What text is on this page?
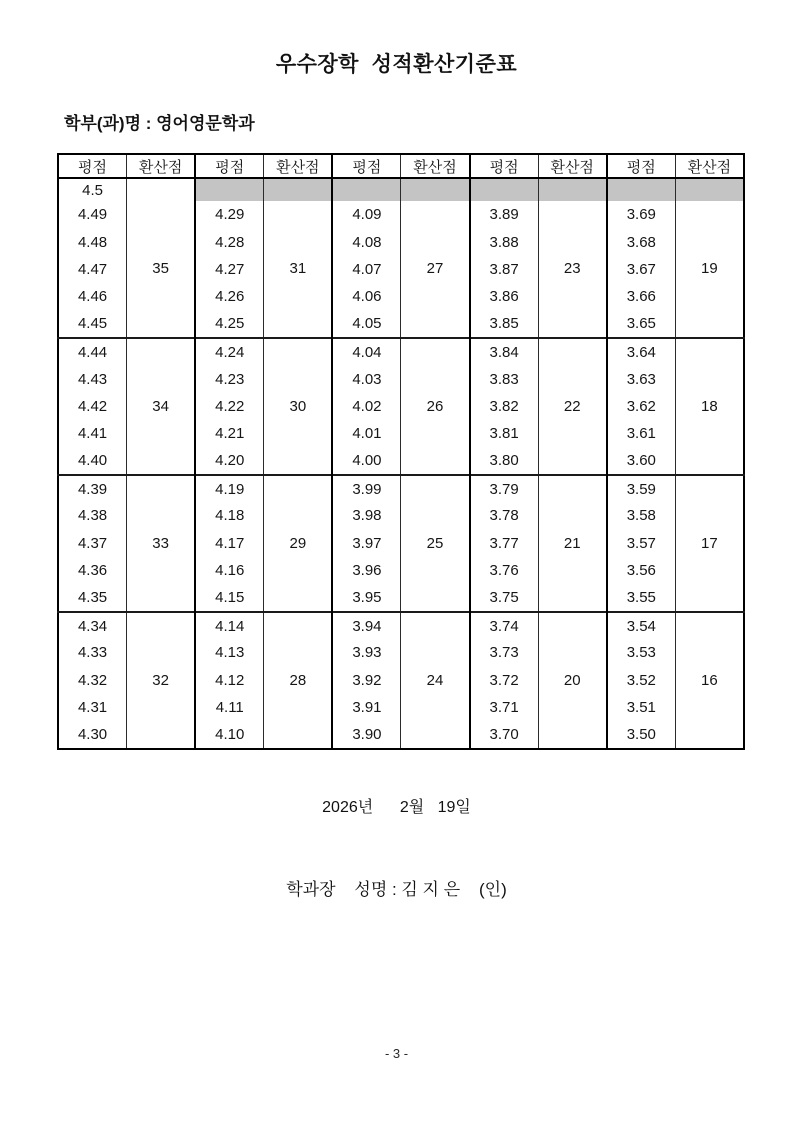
우수장학  성적환산기준표
학부(과)명 : 영어영문학과
평점	환산점	평점	환산점	평점	환산점	평점	환산점	평점	환산점
4.5									
4.49	35	4.29	31	4.09	27	3.89	23	3.69	19
4.48		4.28		4.08		3.88		3.68	
4.47		4.27		4.07		3.87		3.67	
4.46		4.26		4.06		3.86		3.66	
4.45		4.25		4.05		3.85		3.65	
4.44	34	4.24	30	4.04	26	3.84	22	3.64	18
4.43		4.23		4.03		3.83		3.63	
4.42		4.22		4.02		3.82		3.62	
4.41		4.21		4.01		3.81		3.61	
4.40		4.20		4.00		3.80		3.60	
4.39	33	4.19	29	3.99	25	3.79	21	3.59	17
4.38		4.18		3.98		3.78		3.58	
4.37		4.17		3.97		3.77		3.57	
4.36		4.16		3.96		3.76		3.56	
4.35		4.15		3.95		3.75		3.55	
4.34	32	4.14	28	3.94	24	3.74	20	3.54	16
4.33		4.13		3.93		3.73		3.53	
4.32		4.12		3.92		3.72		3.52	
4.31		4.11		3.91		3.71		3.51	
4.30		4.10		3.90		3.70		3.50	
2026년      2월   19일
학과장    성명 : 김 지 은    (인)
- 3 -
